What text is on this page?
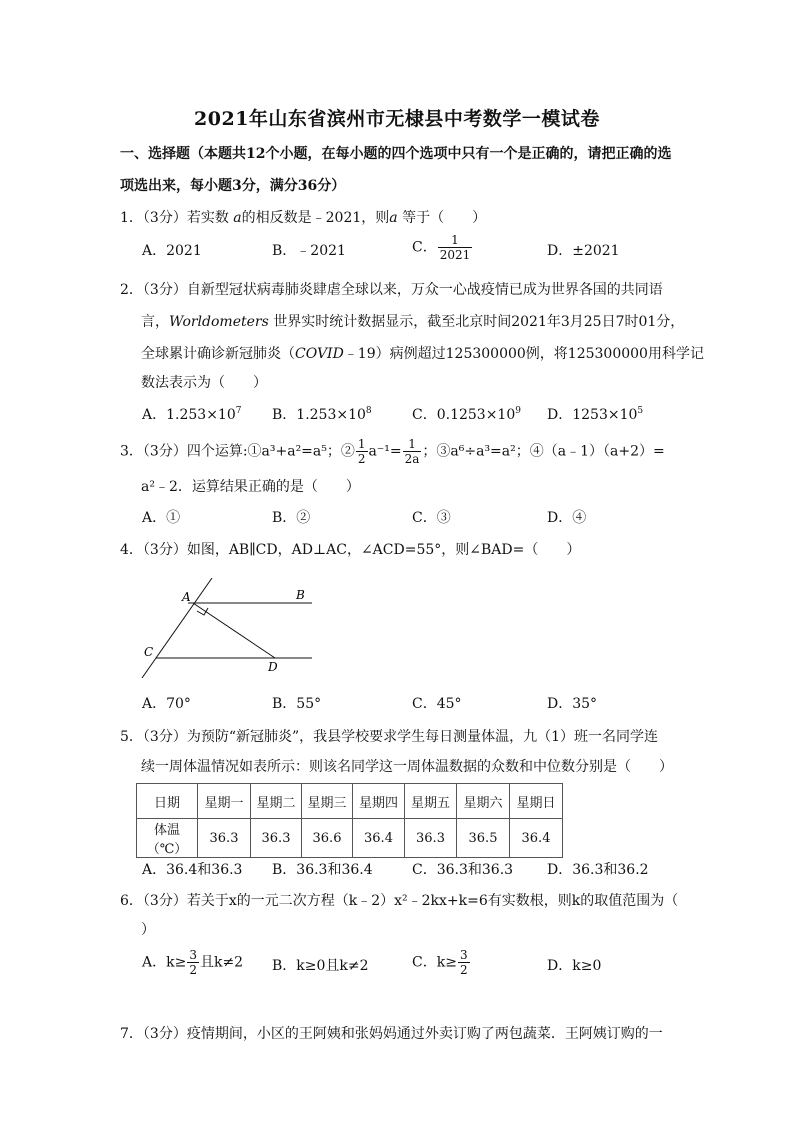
2021年山东省滨州市无棣县中考数学一模试卷
一、选择题（本题共12个小题，在每小题的四个选项中只有一个是正确的，请把正确的选
项选出来，每小题3分，满分36分）
1．（3分）若实数 a的相反数是﹣2021，则a 等于（　　）
A．2021	B．﹣2021	C． $\frac{1}{2021}$	D．±2021
2．（3分）自新型冠状病毒肺炎肆虐全球以来，万众一心战疫情已成为世界各国的共同语
言，Worldometers 世界实时统计数据显示，截至北京时间2021年3月25日7时01分，
全球累计确诊新冠肺炎（COVID﹣19）病例超过125300000例，将125300000用科学记
数法表示为（　　）
A．$1.253\times 10^7$ B．$1.253\times 10^8$	C．$0.1253\times 10^9$ D．$1253\times 10^5$
3．（3分）四个运算:①a³+a²=a⁵；② $\frac{1}{2} a^{-1}= \frac{1}{2a}$ ；③a⁶÷a³=a²；④（a﹣1）（a+2）=
a²﹣2．运算结果正确的是（　　）
A．①	B．②	C．③	D．④
4．（3分）如图，AB∥CD，AD⊥AC，∠ACD=55°，则∠BAD=（　　）
A	B
C
D
A．70°	B．55°	C．45°	D．35°
5．（3分）为预防“新冠肺炎”，我县学校要求学生每日测量体温，九（1）班一名同学连
续一周体温情况如表所示：则该名同学这一周体温数据的众数和中位数分别是（　　）
日期	星期一	星期二	星期三	星期四	星期五	星期六	星期日
体温（℃）	36.3	36.3	36.6	36.4	36.3	36.5	36.4
A．36.4和36.3 B．36.3和36.4	C．36.3和36.3 D．36.3和36.2
6．（3分）若关于x的一元二次方程（k﹣2）x²﹣2kx+k=6有实数根，则k的取值范围为（
）
A．$k\ge \frac{3}{2}$ 且k≠2 B．k≥0且k≠2	C．$k\ge \frac{3}{2}$	D．k≥0
7．（3分）疫情期间，小区的王阿姨和张妈妈通过外卖订购了两包蔬菜．王阿姨订购的一
